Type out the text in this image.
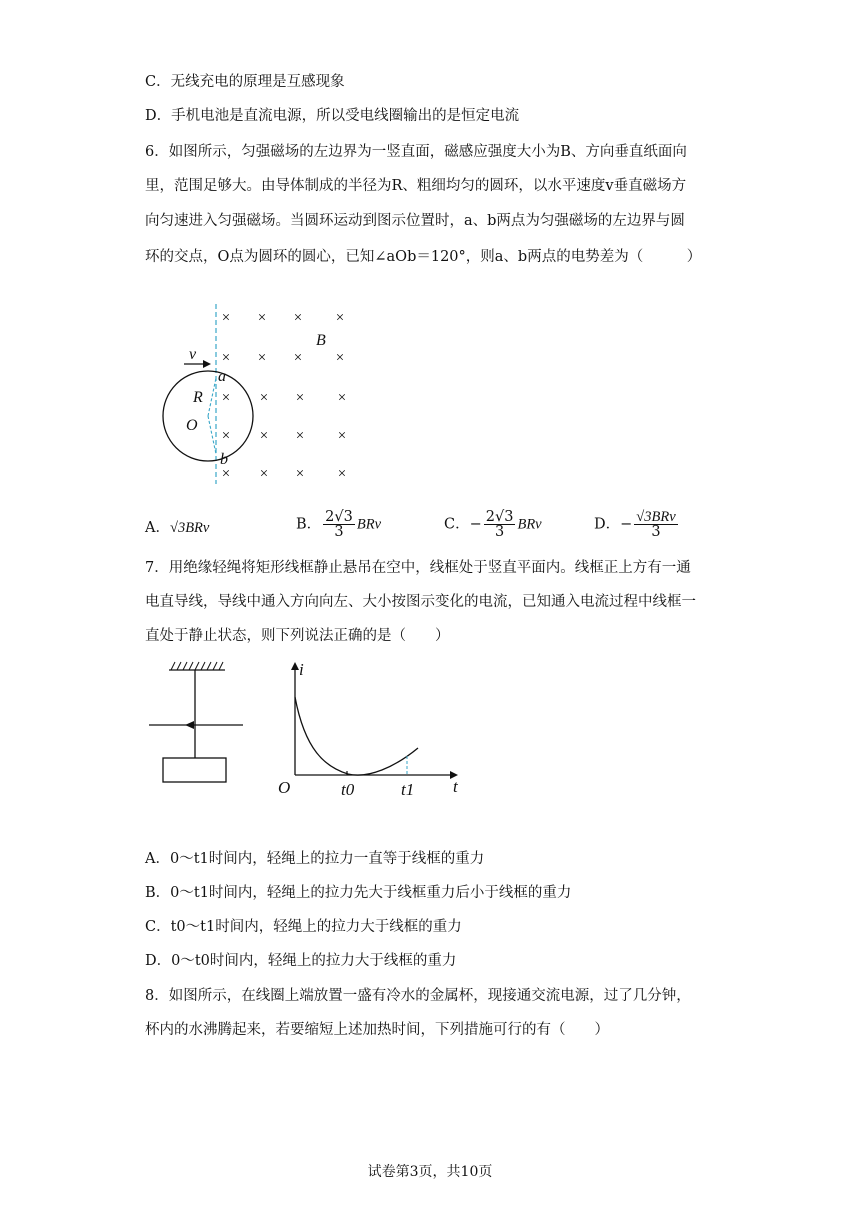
C．无线充电的原理是互感现象
D．手机电池是直流电源，所以受电线圈输出的是恒定电流
6．如图所示，匀强磁场的左边界为一竖直面，磁感应强度大小为B、方向垂直纸面向
里，范围足够大。由导体制成的半径为R、粗细均匀的圆环，以水平速度v垂直磁场方
向匀速进入匀强磁场。当圆环运动到图示位置时，a、b两点为匀强磁场的左边界与圆
环的交点，O点为圆环的圆心，已知∠aOb＝120°，则a、b两点的电势差为（　　　）
× × × ×
× × × ×
× × × ×
× × × ×
× × × ×
v
a
R
O
b
B
A．√3BRv	B． $\frac{2√3}{3}$ BRv	C．− $\frac{2√3}{3}$ BRv	D．− $\frac{\text{√3BRv}}{3}$
7．用绝缘轻绳将矩形线框静止悬吊在空中，线框处于竖直平面内。线框正上方有一通
电直导线，导线中通入方向向左、大小按图示变化的电流，已知通入电流过程中线框一
直处于静止状态，则下列说法正确的是（　　）
i
t
O	t0	t1
A．0～t1时间内，轻绳上的拉力一直等于线框的重力
B．0～t1时间内，轻绳上的拉力先大于线框重力后小于线框的重力
C．t0～t1时间内，轻绳上的拉力大于线框的重力
D．0～t0时间内，轻绳上的拉力大于线框的重力
8．如图所示，在线圈上端放置一盛有冷水的金属杯，现接通交流电源，过了几分钟，
杯内的水沸腾起来，若要缩短上述加热时间，下列措施可行的有（　　）
试卷第3页，共10页
